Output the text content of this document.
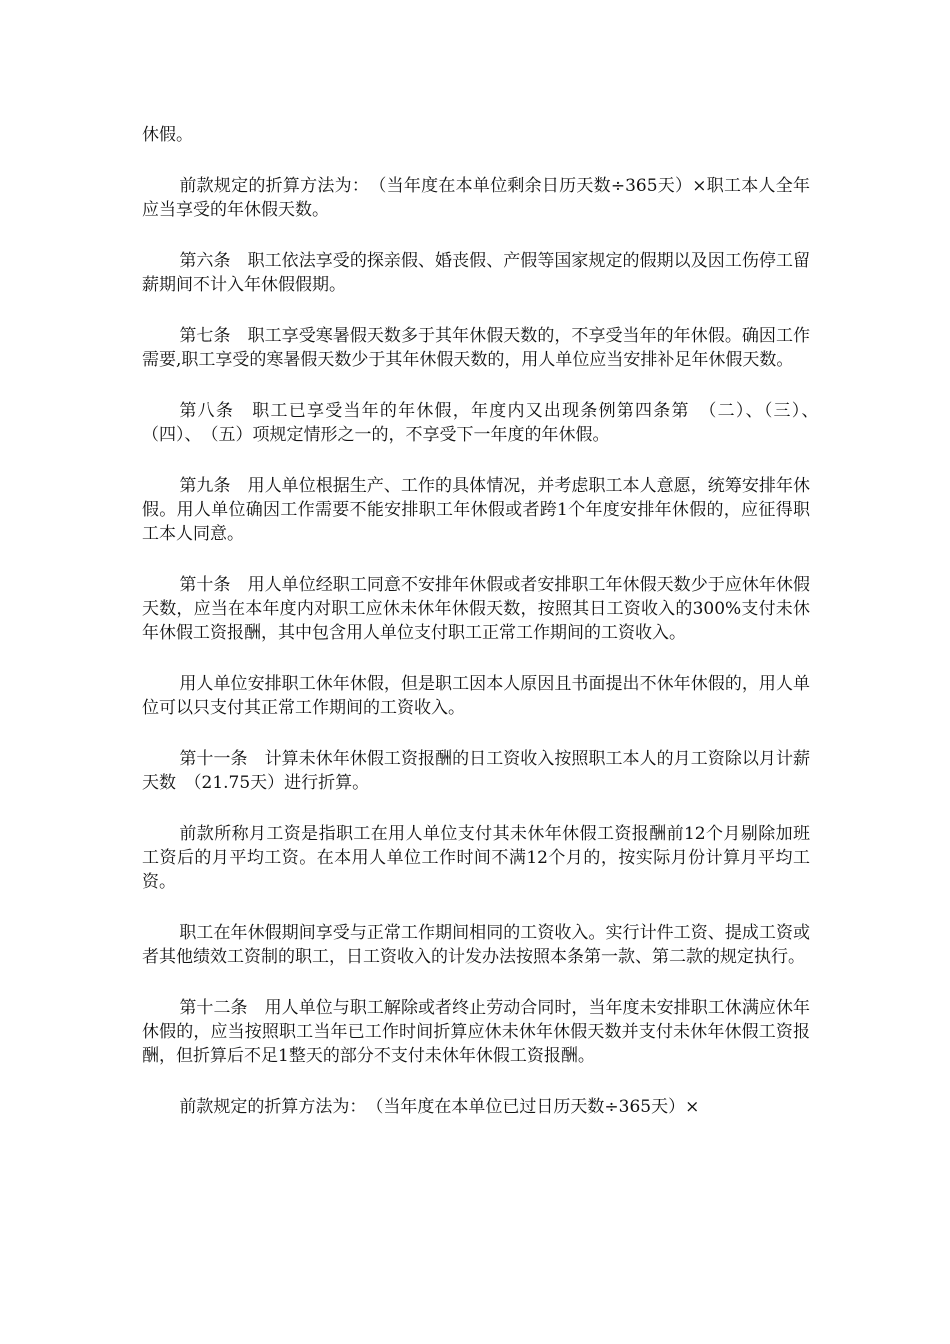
休假。

前款规定的折算方法为：　（当年度在本单位剩余日历天数÷365天）×职工本人全年应当享受的年休假天数。

第六条　职工依法享受的探亲假、婚丧假、产假等国家规定的假期以及因工伤停工留薪期间不计入年休假假期。

第七条　职工享受寒暑假天数多于其年休假天数的，不享受当年的年休假。确因工作需要,职工享受的寒暑假天数少于其年休假天数的，用人单位应当安排补足年休假天数。

第八条　职工已享受当年的年休假，年度内又出现条例第四条第　（二）、（三）、　（四）、　（五）项规定情形之一的，不享受下一年度的年休假。

第九条　用人单位根据生产、工作的具体情况，并考虑职工本人意愿，统筹安排年休假。用人单位确因工作需要不能安排职工年休假或者跨1个年度安排年休假的，应征得职工本人同意。

第十条　用人单位经职工同意不安排年休假或者安排职工年休假天数少于应休年休假天数，应当在本年度内对职工应休未休年休假天数，按照其日工资收入的300%支付未休年休假工资报酬，其中包含用人单位支付职工正常工作期间的工资收入。

用人单位安排职工休年休假，但是职工因本人原因且书面提出不休年休假的，用人单位可以只支付其正常工作期间的工资收入。

第十一条　计算未休年休假工资报酬的日工资收入按照职工本人的月工资除以月计薪天数　（21.75天）进行折算。

前款所称月工资是指职工在用人单位支付其未休年休假工资报酬前12个月剔除加班工资后的月平均工资。在本用人单位工作时间不满12个月的，按实际月份计算月平均工资。

职工在年休假期间享受与正常工作期间相同的工资收入。实行计件工资、提成工资或者其他绩效工资制的职工，日工资收入的计发办法按照本条第一款、第二款的规定执行。

第十二条　用人单位与职工解除或者终止劳动合同时，当年度未安排职工休满应休年休假的，应当按照职工当年已工作时间折算应休未休年休假天数并支付未休年休假工资报酬，但折算后不足1整天的部分不支付未休年休假工资报酬。

前款规定的折算方法为：　（当年度在本单位已过日历天数÷365天）×
